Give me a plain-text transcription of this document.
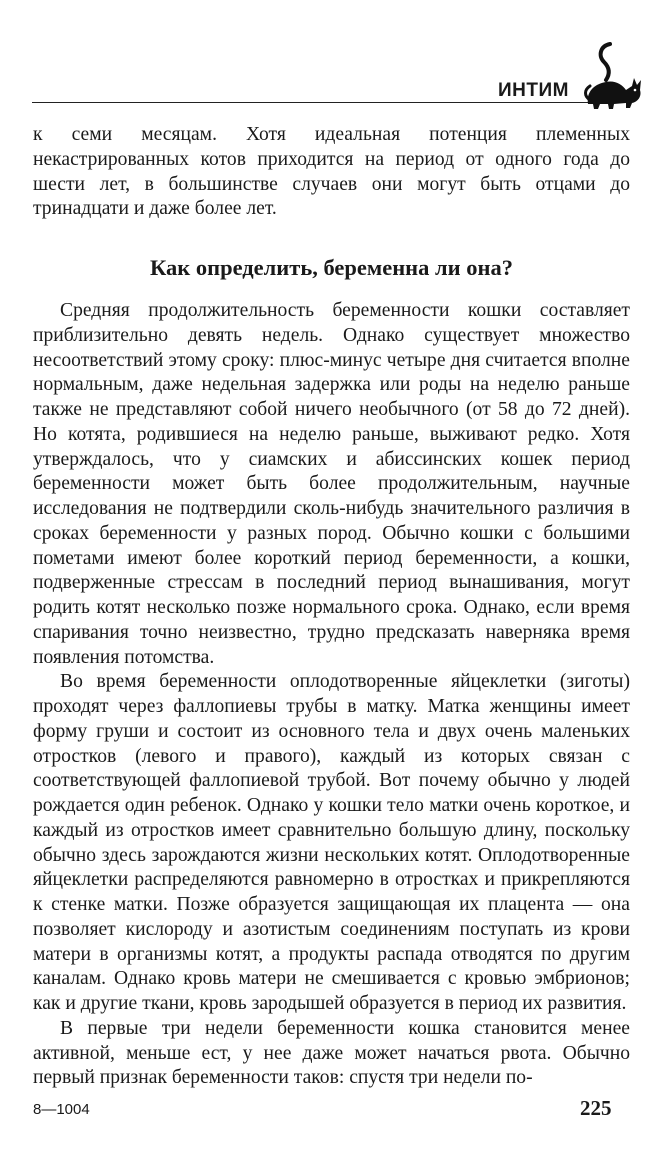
ИНТИМ

к семи месяцам. Хотя идеальная потенция племенных некастрированных котов приходится на период от одного года до шести лет, в большинстве случаев они могут быть отцами до тринадцати и даже более лет.

Как определить, беременна ли она?

Средняя продолжительность беременности кошки составляет приблизительно девять недель. Однако существует множество несоответствий этому сроку: плюс-минус четыре дня считается вполне нормальным, даже недельная задержка или роды на неделю раньше также не представляют собой ничего необычного (от 58 до 72 дней). Но котята, родившиеся на неделю раньше, выживают редко. Хотя утверждалось, что у сиамских и абиссинских кошек период беременности может быть более продолжительным, научные исследования не подтвердили сколь-нибудь значительного различия в сроках беременности у разных пород. Обычно кошки с большими пометами имеют более короткий период беременности, а кошки, подверженные стрессам в последний период вынашивания, могут родить котят несколько позже нормального срока. Однако, если время спаривания точно неизвестно, трудно предсказать наверняка время появления потомства.

Во время беременности оплодотворенные яйцеклетки (зиготы) проходят через фаллопиевы трубы в матку. Матка женщины имеет форму груши и состоит из основного тела и двух очень маленьких отростков (левого и правого), каждый из которых связан с соответствующей фаллопиевой трубой. Вот почему обычно у людей рождается один ребенок. Однако у кошки тело матки очень короткое, и каждый из отростков имеет сравнительно большую длину, поскольку обычно здесь зарождаются жизни нескольких котят. Оплодотворенные яйцеклетки распределяются равномерно в отростках и прикрепляются к стенке матки. Позже образуется защищающая их плацента — она позволяет кислороду и азотистым соединениям поступать из крови матери в организмы котят, а продукты распада отводятся по другим каналам. Однако кровь матери не смешивается с кровью эмбрионов; как и другие ткани, кровь зародышей образуется в период их развития.

В первые три недели беременности кошка становится менее активной, меньше ест, у нее даже может начаться рвота. Обычно первый признак беременности таков: спустя три недели по-

8—1004	225
